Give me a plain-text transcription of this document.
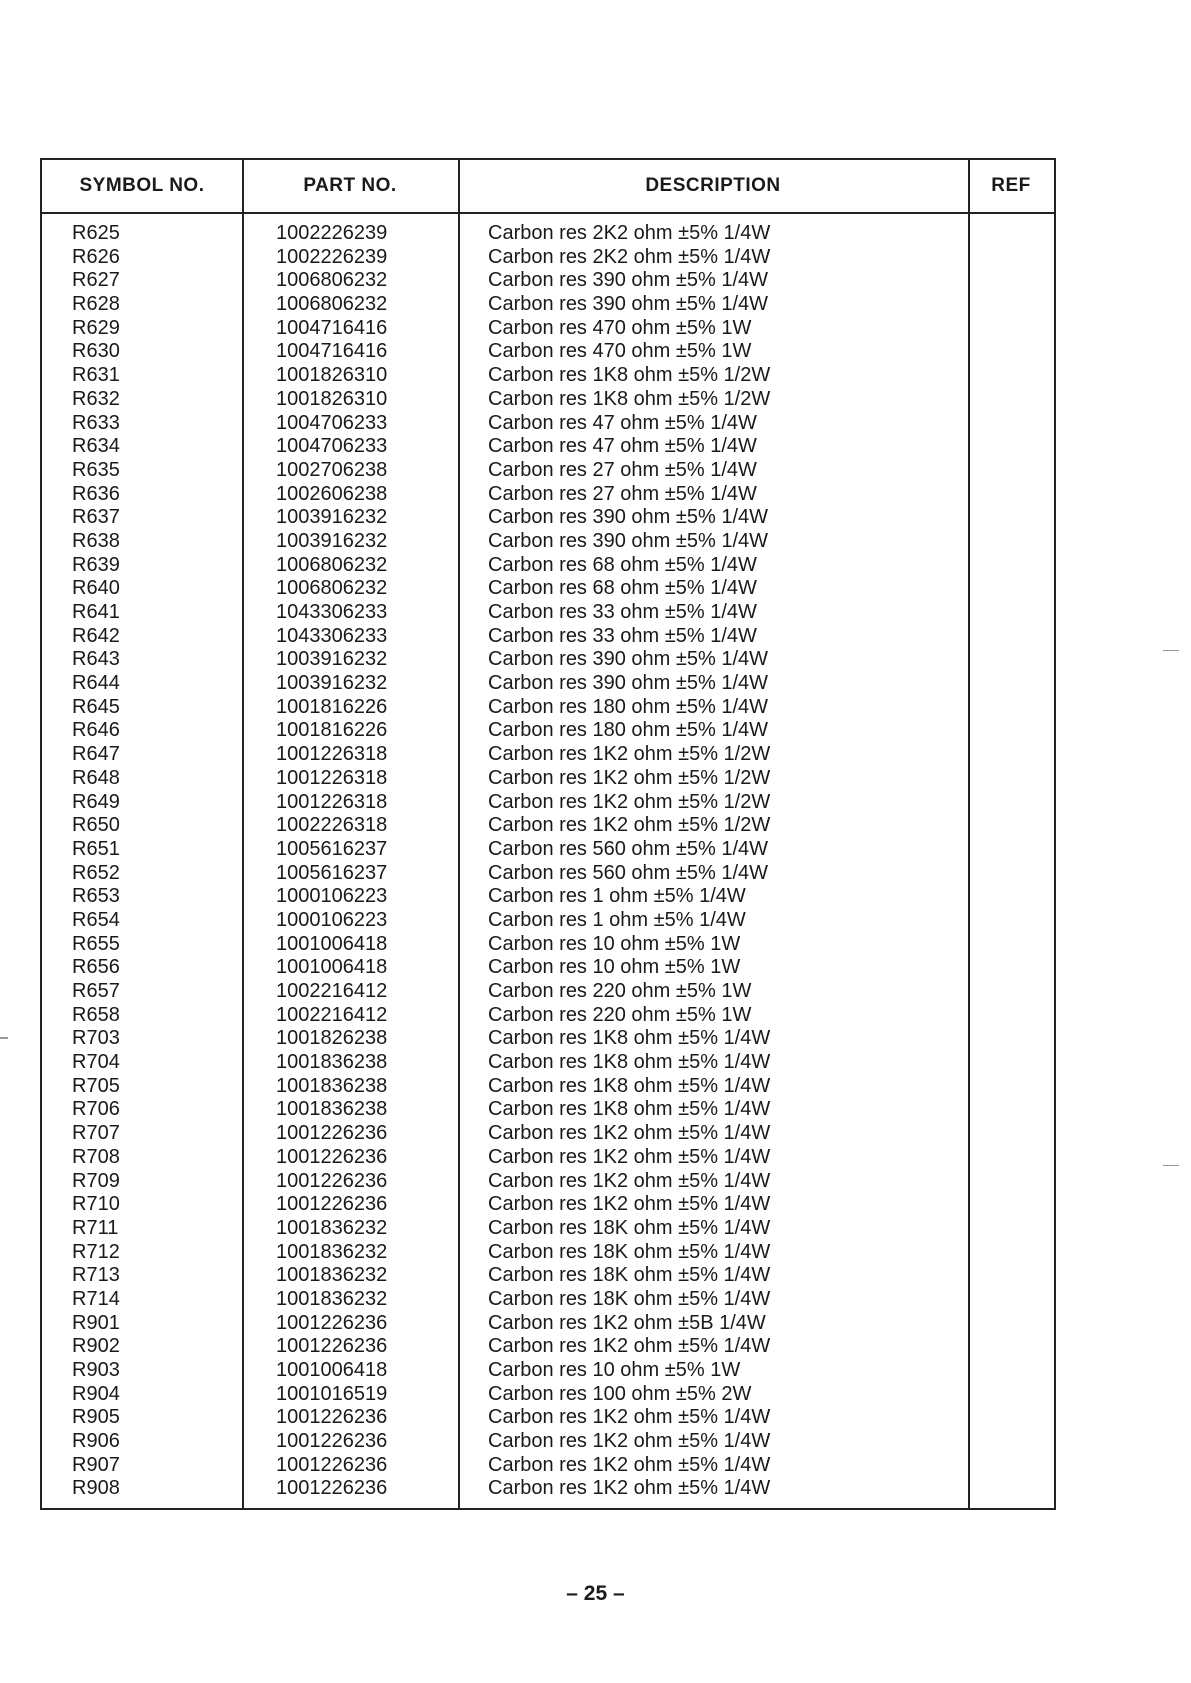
SYMBOL NO.	PART NO.	DESCRIPTION	REF
R625	1002226239	Carbon res 2K2 ohm ±5% 1/4W
R626	1002226239	Carbon res 2K2 ohm ±5% 1/4W
R627	1006806232	Carbon res 390 ohm ±5% 1/4W
R628	1006806232	Carbon res 390 ohm ±5% 1/4W
R629	1004716416	Carbon res 470 ohm ±5% 1W
R630	1004716416	Carbon res 470 ohm ±5% 1W
R631	1001826310	Carbon res 1K8 ohm ±5% 1/2W
R632	1001826310	Carbon res 1K8 ohm ±5% 1/2W
R633	1004706233	Carbon res 47 ohm ±5% 1/4W
R634	1004706233	Carbon res 47 ohm ±5% 1/4W
R635	1002706238	Carbon res 27 ohm ±5% 1/4W
R636	1002606238	Carbon res 27 ohm ±5% 1/4W
R637	1003916232	Carbon res 390 ohm ±5% 1/4W
R638	1003916232	Carbon res 390 ohm ±5% 1/4W
R639	1006806232	Carbon res 68 ohm ±5% 1/4W
R640	1006806232	Carbon res 68 ohm ±5% 1/4W
R641	1043306233	Carbon res 33 ohm ±5% 1/4W
R642	1043306233	Carbon res 33 ohm ±5% 1/4W
R643	1003916232	Carbon res 390 ohm ±5% 1/4W
R644	1003916232	Carbon res 390 ohm ±5% 1/4W
R645	1001816226	Carbon res 180 ohm ±5% 1/4W
R646	1001816226	Carbon res 180 ohm ±5% 1/4W
R647	1001226318	Carbon res 1K2 ohm ±5% 1/2W
R648	1001226318	Carbon res 1K2 ohm ±5% 1/2W
R649	1001226318	Carbon res 1K2 ohm ±5% 1/2W
R650	1002226318	Carbon res 1K2 ohm ±5% 1/2W
R651	1005616237	Carbon res 560 ohm ±5% 1/4W
R652	1005616237	Carbon res 560 ohm ±5% 1/4W
R653	1000106223	Carbon res 1 ohm ±5% 1/4W
R654	1000106223	Carbon res 1 ohm ±5% 1/4W
R655	1001006418	Carbon res 10 ohm ±5% 1W
R656	1001006418	Carbon res 10 ohm ±5% 1W
R657	1002216412	Carbon res 220 ohm ±5% 1W
R658	1002216412	Carbon res 220 ohm ±5% 1W
R703	1001826238	Carbon res 1K8 ohm ±5% 1/4W
R704	1001836238	Carbon res 1K8 ohm ±5% 1/4W
R705	1001836238	Carbon res 1K8 ohm ±5% 1/4W
R706	1001836238	Carbon res 1K8 ohm ±5% 1/4W
R707	1001226236	Carbon res 1K2 ohm ±5% 1/4W
R708	1001226236	Carbon res 1K2 ohm ±5% 1/4W
R709	1001226236	Carbon res 1K2 ohm ±5% 1/4W
R710	1001226236	Carbon res 1K2 ohm ±5% 1/4W
R711	1001836232	Carbon res 18K ohm ±5% 1/4W
R712	1001836232	Carbon res 18K ohm ±5% 1/4W
R713	1001836232	Carbon res 18K ohm ±5% 1/4W
R714	1001836232	Carbon res 18K ohm ±5% 1/4W
R901	1001226236	Carbon res 1K2 ohm ±5B 1/4W
R902	1001226236	Carbon res 1K2 ohm ±5% 1/4W
R903	1001006418	Carbon res 10 ohm ±5% 1W
R904	1001016519	Carbon res 100 ohm ±5% 2W
R905	1001226236	Carbon res 1K2 ohm ±5% 1/4W
R906	1001226236	Carbon res 1K2 ohm ±5% 1/4W
R907	1001226236	Carbon res 1K2 ohm ±5% 1/4W
R908	1001226236	Carbon res 1K2 ohm ±5% 1/4W
– 25 –
